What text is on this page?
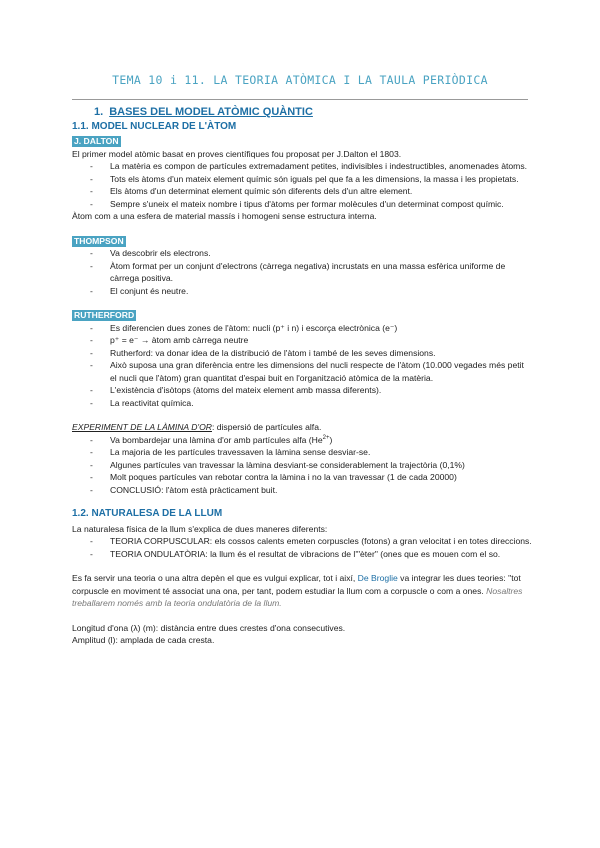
TEMA 10 i 11. LA TEORIA ATÒMICA I LA TAULA PERIÒDICA
1. BASES DEL MODEL ATÒMIC QUÀNTIC
1.1. MODEL NUCLEAR DE L'ÀTOM
J. DALTON

El primer model atòmic basat en proves científiques fou proposat per J.Dalton el 1803.

- La matèria es compon de partícules extremadament petites, indivisibles i indestructibles, anomenades àtoms.
- Tots els àtoms d'un mateix element químic són iguals pel que fa a les dimensions, la massa i les propietats.
- Els àtoms d'un determinat element químic són diferents dels d'un altre element.
- Sempre s'uneix el mateix nombre i tipus d'àtoms per formar molècules d'un determinat compost químic.

Àtom com a una esfera de material massís i homogeni sense estructura interna.

THOMPSON
- Va descobrir els electrons.
- Àtom format per un conjunt d'electrons (càrrega negativa) incrustats en una massa esfèrica uniforme de càrrega positiva.
- El conjunt és neutre.
RUTHERFORD
- Es diferencien dues zones de l'àtom: nucli (p⁺ i n) i escorça electrònica (e⁻)
- p⁺ = e⁻ → àtom amb càrrega neutre
- Rutherford: va donar idea de la distribució de l'àtom i també de les seves dimensions.
- Això suposa una gran diferència entre les dimensions del nucli respecte de l'àtom (10.000 vegades més petit el nucli que l'àtom) gran quantitat d'espai buit en l'organització atòmica de la matèria.
- L'existència d'isòtops (àtoms del mateix element amb massa diferents).
- La reactivitat química.

EXPERIMENT DE LA LÀMINA D'OR: dispersió de partícules alfa.

- Va bombardejar una làmina d'or amb partícules alfa $(He^{2+})$
- La majoria de les partícules travessaven la làmina sense desviar-se.
- Algunes partícules van travessar la làmina desviant-se considerablement la trajectòria (0,1%)
- Molt poques partícules van rebotar contra la làmina i no la van travessar (1 de cada 20000)
- CONCLUSIÓ: l'àtom està pràcticament buit.
1.2. NATURALESA DE LA LLUM

La naturalesa física de la llum s'explica de dues maneres diferents:

- TEORIA CORPUSCULAR: els cossos calents emeten corpuscles (fotons) a gran velocitat i en totes direccions.
- TEORIA ONDULATÒRIA: la llum és el resultat de vibracions de l'"èter" (ones que es mouen com el so.

Es fa servir una teoria o una altra depèn el que es vulgui explicar, tot i així, De Broglie va integrar les dues teories: "tot corpuscle en moviment té associat una ona, per tant, podem estudiar la llum com a corpuscle o com a ones. Nosaltres treballarem només amb la teoria ondulatòria de la llum.

Longitud d'ona (λ) (m): distància entre dues crestes d'ona consecutives.

Amplitud (l): amplada de cada cresta.
